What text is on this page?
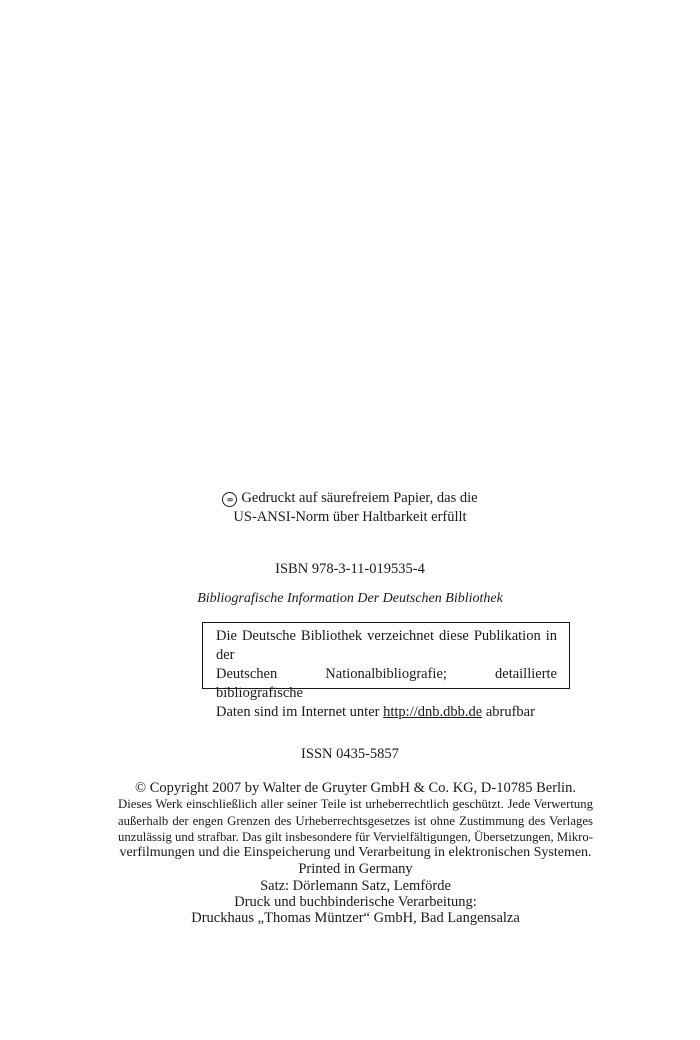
∞ Gedruckt auf säurefreiem Papier, das die
US-ANSI-Norm über Haltbarkeit erfüllt
ISBN 978-3-11-019535-4
Bibliografische Information Der Deutschen Bibliothek
Die Deutsche Bibliothek verzeichnet diese Publikation in der
Deutschen Nationalbibliografie; detaillierte bibliografische
Daten sind im Internet unter http://dnb.dbb.de abrufbar
ISSN 0435-5857
© Copyright 2007 by Walter de Gruyter GmbH & Co. KG, D-10785 Berlin.
Dieses Werk einschließlich aller seiner Teile ist urheberrechtlich geschützt. Jede Verwertung
außerhalb der engen Grenzen des Urheberrechtsgesetzes ist ohne Zustimmung des Verlages
unzulässig und strafbar. Das gilt insbesondere für Vervielfältigungen, Übersetzungen, Mikro-
verfilmungen und die Einspeicherung und Verarbeitung in elektronischen Systemen.
Printed in Germany
Satz: Dörlemann Satz, Lemförde
Druck und buchbinderische Verarbeitung:
Druckhaus „Thomas Müntzer“ GmbH, Bad Langensalza
